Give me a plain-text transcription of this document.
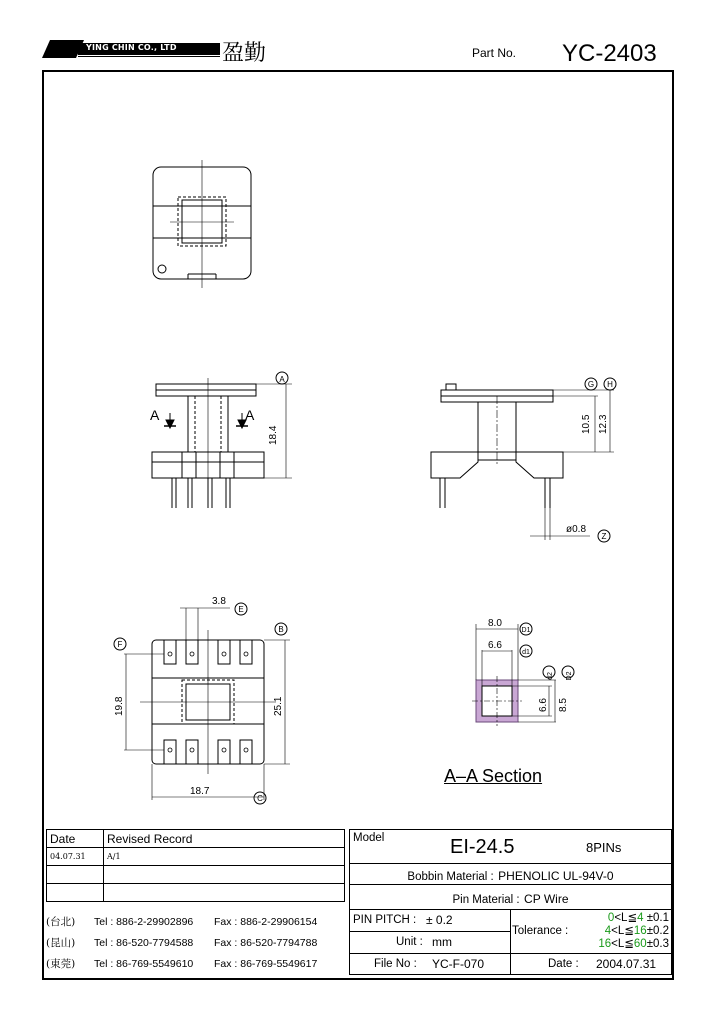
YING CHIN CO., LTD 盈勤	Part No. YC-2403
A
A	A
18.4
G H
10.5 12.3
ø0.8
Z
3.8
E
F
B
19.8	25.1
18.7
C
8.0
D1
6.6
d1
6.6 8.5
d2 D2
A–A Section
Date	Revised Record
04.07.31	A/1

(台北) Tel : 886-2-29902896 Fax : 886-2-29906154
(昆山) Tel : 86-520-7794588 Fax : 86-520-7794788
(東莞) Tel : 86-769-5549610 Fax : 86-769-5549617
Model	EI-24.5	8PINs
Bobbin Material : PHENOLIC UL-94V-0
Pin Material : CP Wire
PIN PITCH : ± 0.2
Unit : mm
Tolerance :
0<L≦4 ±0.1
4<L≦16±0.2
16<L≦60±0.3
File No : YC-F-070	Date : 2004.07.31
